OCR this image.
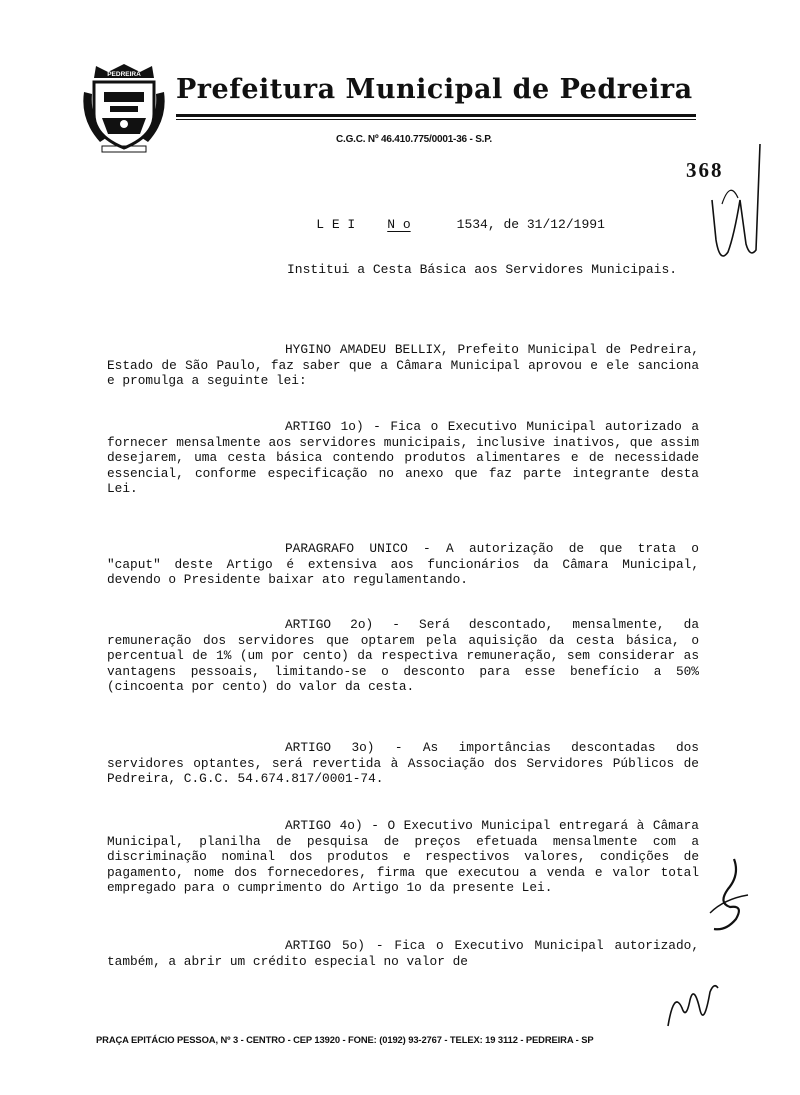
PEDREIRA Prefeitura Municipal de Pedreira
C.G.C. Nº 46.410.775/0001-36 - S.P.
368

L E I N o	1534, de 31/12/1991

Institui a Cesta Básica aos Servidores Municipais.
HYGINO AMADEU BELLIX, Prefeito Municipal de Pedreira, Estado de São Paulo, faz saber que a Câmara Municipal aprovou e ele sanciona e promulga a seguinte lei:
ARTIGO 1o) - Fica o Executivo Municipal autorizado a fornecer mensalmente aos servidores municipais, inclusive inativos, que assim desejarem, uma cesta básica contendo produtos alimentares e de necessidade essencial, conforme especificação no anexo que faz parte integrante desta Lei.
PARAGRAFO UNICO - A autorização de que trata o "caput" deste Artigo é extensiva aos funcionários da Câmara Municipal, devendo o Presidente baixar ato regulamentando.
ARTIGO 2o) - Será descontado, mensalmente, da remuneração dos servidores que optarem pela aquisição da cesta básica, o percentual de 1% (um por cento) da respectiva remuneração, sem considerar as vantagens pessoais, limitando-se o desconto para esse benefício a 50% (cincoenta por cento) do valor da cesta.
ARTIGO 3o) - As importâncias descontadas dos servidores optantes, será revertida à Associação dos Servidores Públicos de Pedreira, C.G.C. 54.674.817/0001-74.
ARTIGO 4o) - O Executivo Municipal entregará à Câmara Municipal, planilha de pesquisa de preços efetuada mensalmente com a discriminação nominal dos produtos e respectivos valores, condições de pagamento, nome dos fornecedores, firma que executou a venda e valor total empregado para o cumprimento do Artigo 1o da presente Lei.
ARTIGO 5o) - Fica o Executivo Municipal autorizado, também, a abrir um crédito especial no valor de
PRAÇA EPITÁCIO PESSOA, Nº 3 - CENTRO - CEP 13920 - FONE: (0192) 93-2767 - TELEX: 19 3112 - PEDREIRA - SP
